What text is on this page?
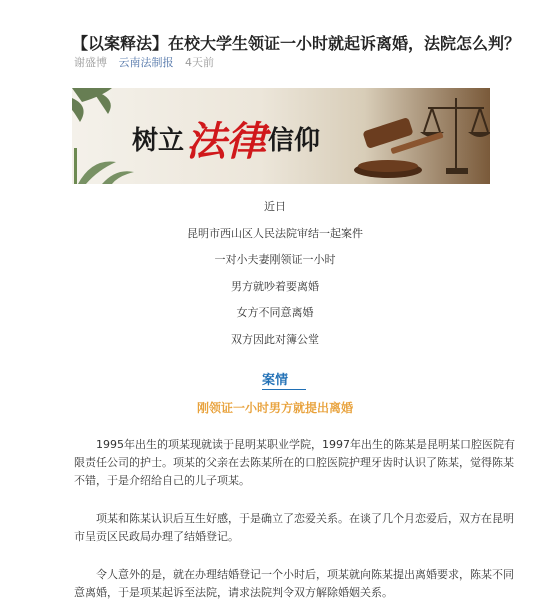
【以案释法】在校大学生领证一小时就起诉离婚，法院怎么判？
谢盛博 云南法制报 4天前
树立法律信仰
近日
昆明市西山区人民法院审结一起案件
一对小夫妻刚领证一小时
男方就吵着要离婚
女方不同意离婚
双方因此对簿公堂
案情
刚领证一小时男方就提出离婚

1995年出生的项某现就读于昆明某职业学院，1997年出生的陈某是昆明某口腔医院有限责任公司的护士。项某的父亲在去陈某所在的口腔医院护理牙齿时认识了陈某，觉得陈某不错，于是介绍给自己的儿子项某。

项某和陈某认识后互生好感，于是确立了恋爱关系。在谈了几个月恋爱后，双方在昆明市呈贡区民政局办理了结婚登记。

令人意外的是，就在办理结婚登记一个小时后，项某就向陈某提出离婚要求，陈某不同意离婚，于是项某起诉至法院，请求法院判令双方解除婚姻关系。
